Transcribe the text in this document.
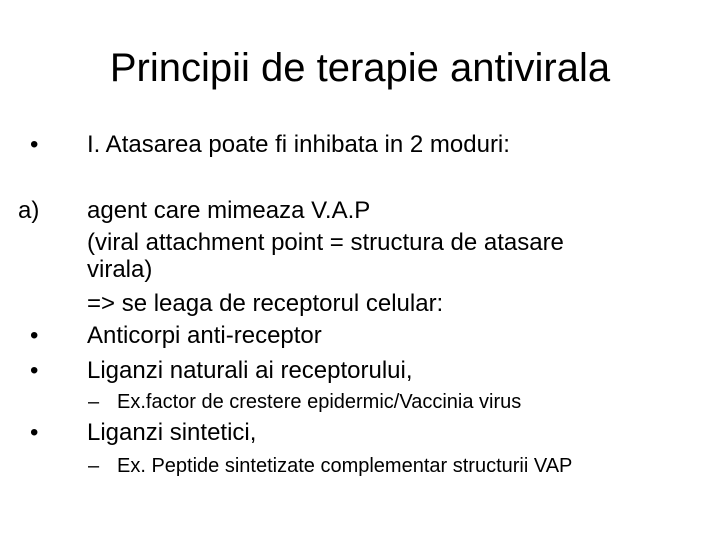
Principii de terapie antivirala
• I. Atasarea poate fi inhibata in 2 moduri:
a) agent care mimeaza V.A.P
(viral attachment point = structura de atasare
virala)
=> se leaga de receptorul celular:
• Anticorpi anti-receptor
• Liganzi naturali ai receptorului,
– Ex.factor de crestere epidermic/Vaccinia virus
• Liganzi sintetici,
– Ex. Peptide sintetizate complementar structurii VAP
